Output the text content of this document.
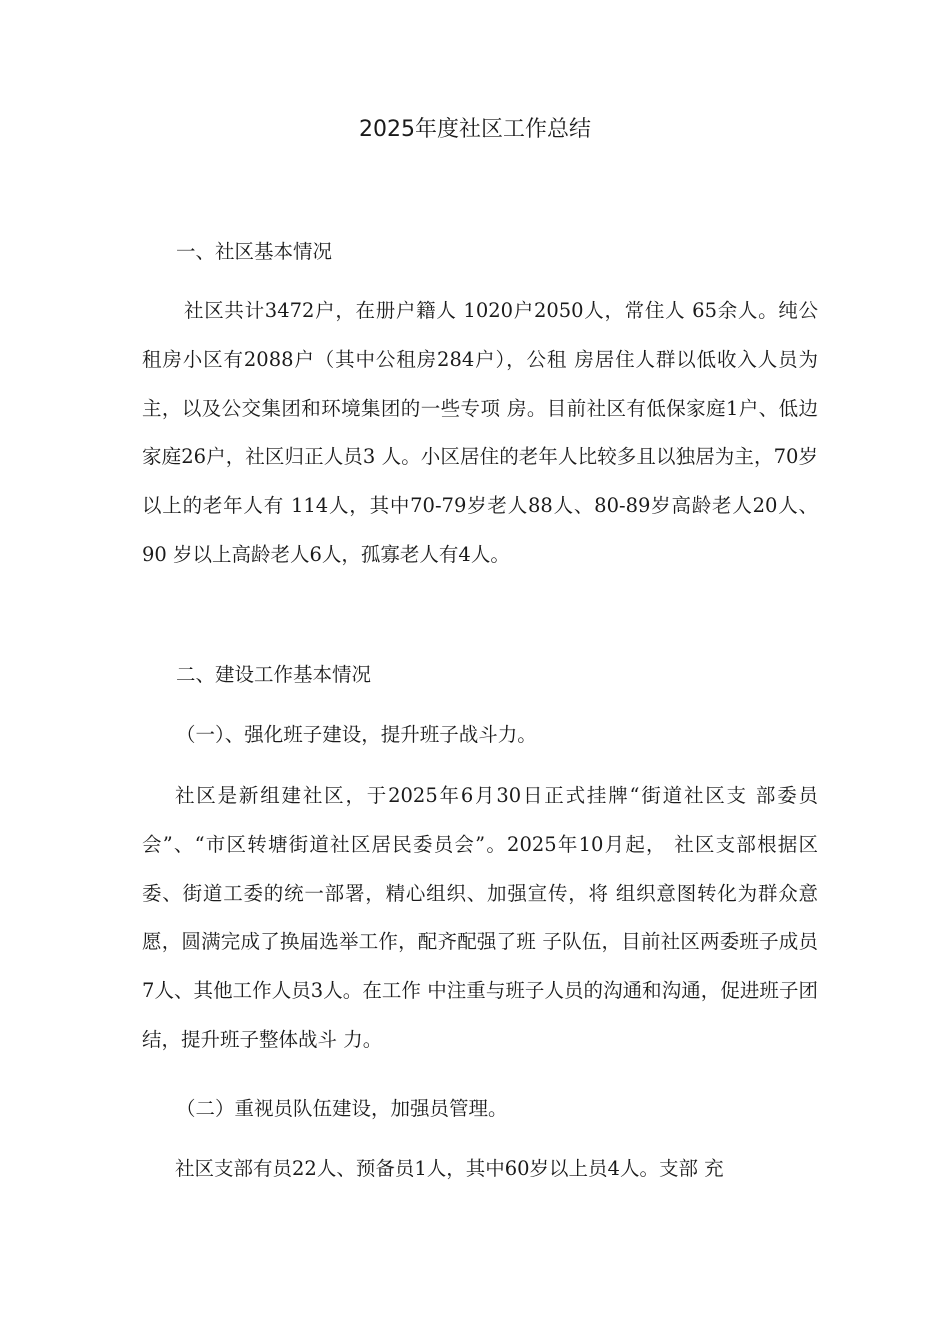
2025年度社区工作总结

一、社区基本情况

社区共计3472户，在册户籍人 1020户2050人，常住人 65余人。纯公租房小区有2088户（其中公租房284户），公租 房居住人群以低收入人员为主，以及公交集团和环境集团的一些专项 房。目前社区有低保家庭1户、低边家庭26户，社区归正人员3 人。小区居住的老年人比较多且以独居为主，70岁以上的老年人有 114人，其中70-79岁老人88人、80-89岁高龄老人20人、90 岁以上高龄老人6人，孤寡老人有4人。

二、建设工作基本情况

（一）、强化班子建设，提升班子战斗力。

社区是新组建社区，于2025年6月30日正式挂牌“街道社区支 部委员会”、“市区转塘街道社区居民委员会”。2025年10月起， 社区支部根据区委、街道工委的统一部署，精心组织、加强宣传，将 组织意图转化为群众意愿，圆满完成了换届选举工作，配齐配强了班 子队伍，目前社区两委班子成员7人、其他工作人员3人。在工作 中注重与班子人员的沟通和沟通，促进班子团结，提升班子整体战斗 力。

（二）重视员队伍建设，加强员管理。

社区支部有员22人、预备员1人，其中60岁以上员4人。支部 充
